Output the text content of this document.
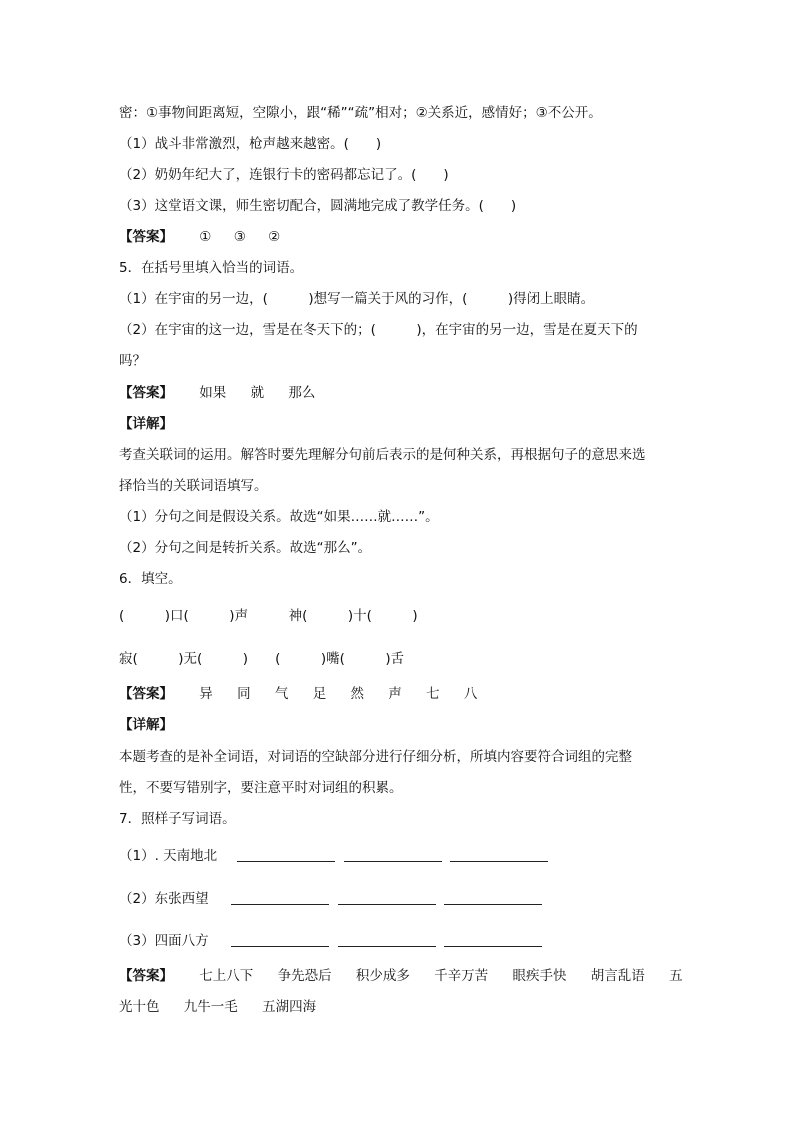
密：①事物间距离短，空隙小，跟“稀”“疏”相对；②关系近，感情好；③不公开。
（1）战斗非常激烈，枪声越来越密。(　　)
（2）奶奶年纪大了，连银行卡的密码都忘记了。(　　)
（3）这堂语文课，师生密切配合，圆满地完成了教学任务。(　　)
【答案】 ① ③ ②
5．在括号里填入恰当的词语。
（1）在宇宙的另一边，(　　　)想写一篇关于风的习作，(　　　)得闭上眼睛。
（2）在宇宙的这一边，雪是在冬天下的；(　　　)，在宇宙的另一边，雪是在夏天下的
吗？
【答案】 如果 就 那么
【详解】
考查关联词的运用。解答时要先理解分句前后表示的是何种关系，再根据句子的意思来选
择恰当的关联词语填写。
（1）分句之间是假设关系。故选“如果……就……”。
（2）分句之间是转折关系。故选“那么”。
6．填空。
(　　　)口(　　　)声　　　神(　　　)十(　　　)
寂(　　　)无(　　　)　　(　　　)嘴(　　　)舌
【答案】 异 同 气 足 然 声 七 八
【详解】
本题考查的是补全词语，对词语的空缺部分进行仔细分析，所填内容要符合词组的完整
性，不要写错别字，要注意平时对词组的积累。
7．照样子写词语。
（1）. 天南地北
（2）东张西望
（3）四面八方
【答案】 七上八下 争先恐后 积少成多 千辛万苦 眼疾手快 胡言乱语 五
光十色 九牛一毛 五湖四海
